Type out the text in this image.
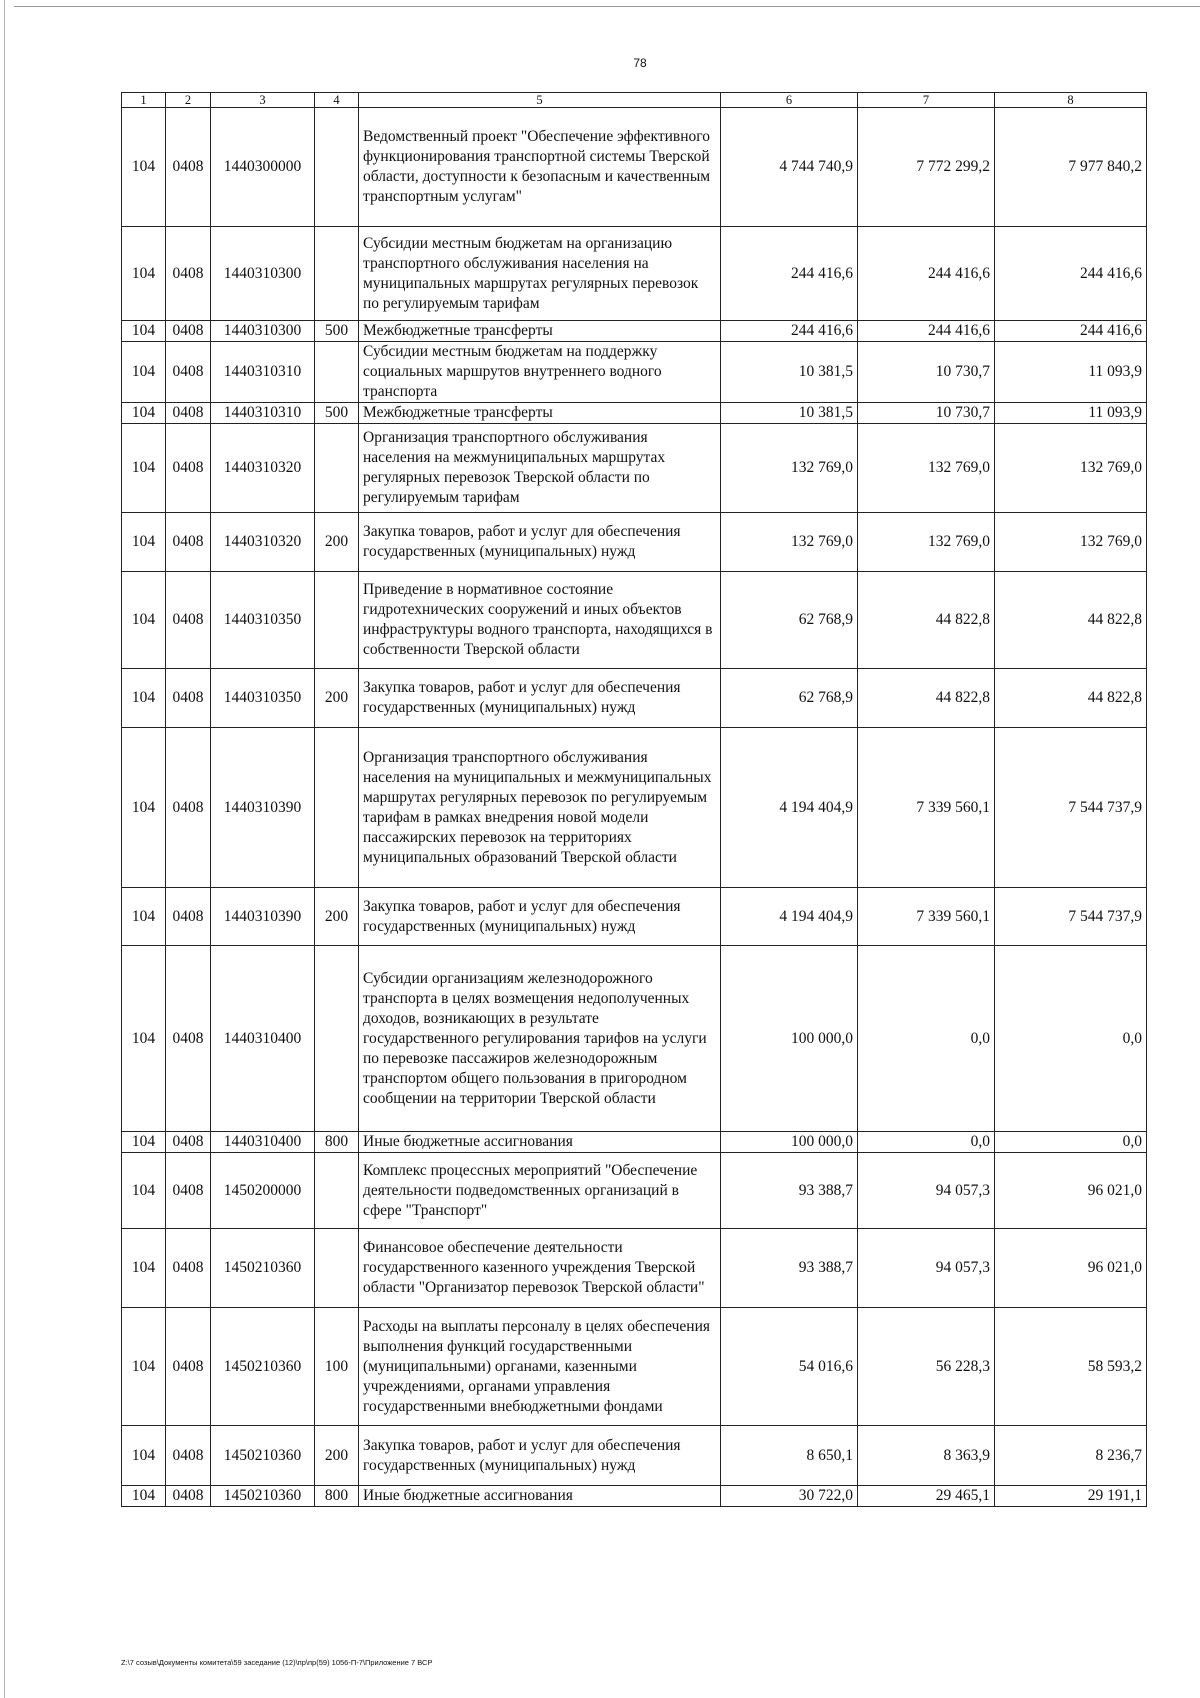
78
1	2	3	4	5	6	7	8
104	0408	1440300000		Ведомственный проект "Обеспечение эффективного функционирования транспортной системы Тверской области, доступности к безопасным и качественным транспортным услугам"	4 744 740,9	7 772 299,2	7 977 840,2
104	0408	1440310300		Субсидии местным бюджетам на организацию транспортного обслуживания населения на муниципальных маршрутах регулярных перевозок по регулируемым тарифам	244 416,6	244 416,6	244 416,6
104	0408	1440310300	500	Межбюджетные трансферты	244 416,6	244 416,6	244 416,6
104	0408	1440310310		Субсидии местным бюджетам на поддержку социальных маршрутов внутреннего водного транспорта	10 381,5	10 730,7	11 093,9
104	0408	1440310310	500	Межбюджетные трансферты	10 381,5	10 730,7	11 093,9
104	0408	1440310320		Организация транспортного обслуживания населения на межмуниципальных маршрутах регулярных перевозок Тверской области по регулируемым тарифам	132 769,0	132 769,0	132 769,0
104	0408	1440310320	200	Закупка товаров, работ и услуг для обеспечения государственных (муниципальных) нужд	132 769,0	132 769,0	132 769,0
104	0408	1440310350		Приведение в нормативное состояние гидротехнических сооружений и иных объектов инфраструктуры водного транспорта, находящихся в собственности Тверской области	62 768,9	44 822,8	44 822,8
104	0408	1440310350	200	Закупка товаров, работ и услуг для обеспечения государственных (муниципальных) нужд	62 768,9	44 822,8	44 822,8
104	0408	1440310390		Организация транспортного обслуживания населения на муниципальных и межмуниципальных маршрутах регулярных перевозок по регулируемым тарифам в рамках внедрения новой модели пассажирских перевозок на территориях муниципальных образований Тверской области	4 194 404,9	7 339 560,1	7 544 737,9
104	0408	1440310390	200	Закупка товаров, работ и услуг для обеспечения государственных (муниципальных) нужд	4 194 404,9	7 339 560,1	7 544 737,9
104	0408	1440310400		Субсидии организациям железнодорожного транспорта в целях возмещения недополученных доходов, возникающих в результате государственного регулирования тарифов на услуги по перевозке пассажиров железнодорожным транспортом общего пользования в пригородном сообщении на территории Тверской области	100 000,0	0,0	0,0
104	0408	1440310400	800	Иные бюджетные ассигнования	100 000,0	0,0	0,0
104	0408	1450200000		Комплекс процессных мероприятий "Обеспечение деятельности подведомственных организаций в сфере "Транспорт"	93 388,7	94 057,3	96 021,0
104	0408	1450210360		Финансовое обеспечение деятельности государственного казенного учреждения Тверской области "Организатор перевозок Тверской области"	93 388,7	94 057,3	96 021,0
104	0408	1450210360	100	Расходы на выплаты персоналу в целях обеспечения выполнения функций государственными (муниципальными) органами, казенными учреждениями, органами управления государственными внебюджетными фондами	54 016,6	56 228,3	58 593,2
104	0408	1450210360	200	Закупка товаров, работ и услуг для обеспечения государственных (муниципальных) нужд	8 650,1	8 363,9	8 236,7
104	0408	1450210360	800	Иные бюджетные ассигнования	30 722,0	29 465,1	29 191,1
Z:\7 созыв\Документы комитета\59 заседание (12)\пр\пр(59) 1056-П-7\Приложение 7 ВСР
